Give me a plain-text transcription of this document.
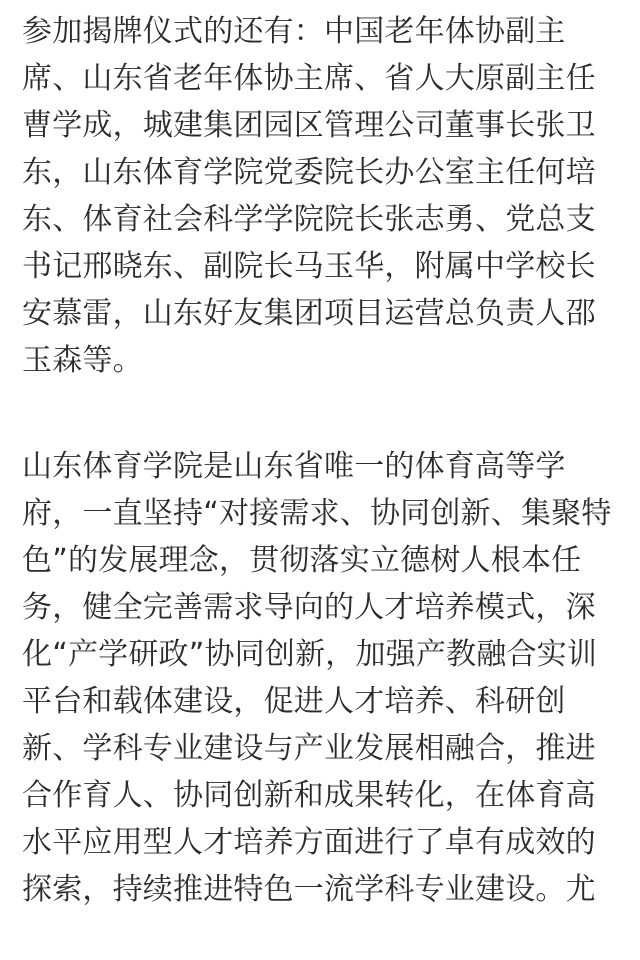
参加揭牌仪式的还有：中国老年体协副主
席、山东省老年体协主席、省人大原副主任
曹学成，城建集团园区管理公司董事长张卫
东，山东体育学院党委院长办公室主任何培
东、体育社会科学学院院长张志勇、党总支
书记邢晓东、副院长马玉华，附属中学校长
安慕雷，山东好友集团项目运营总负责人邵
玉森等。
山东体育学院是山东省唯一的体育高等学
府，一直坚持“对接需求、协同创新、集聚特
色”的发展理念，贯彻落实立德树人根本任
务，健全完善需求导向的人才培养模式，深
化“产学研政”协同创新，加强产教融合实训
平台和载体建设，促进人才培养、科研创
新、学科专业建设与产业发展相融合，推进
合作育人、协同创新和成果转化，在体育高
水平应用型人才培养方面进行了卓有成效的
探索，持续推进特色一流学科专业建设。尤
